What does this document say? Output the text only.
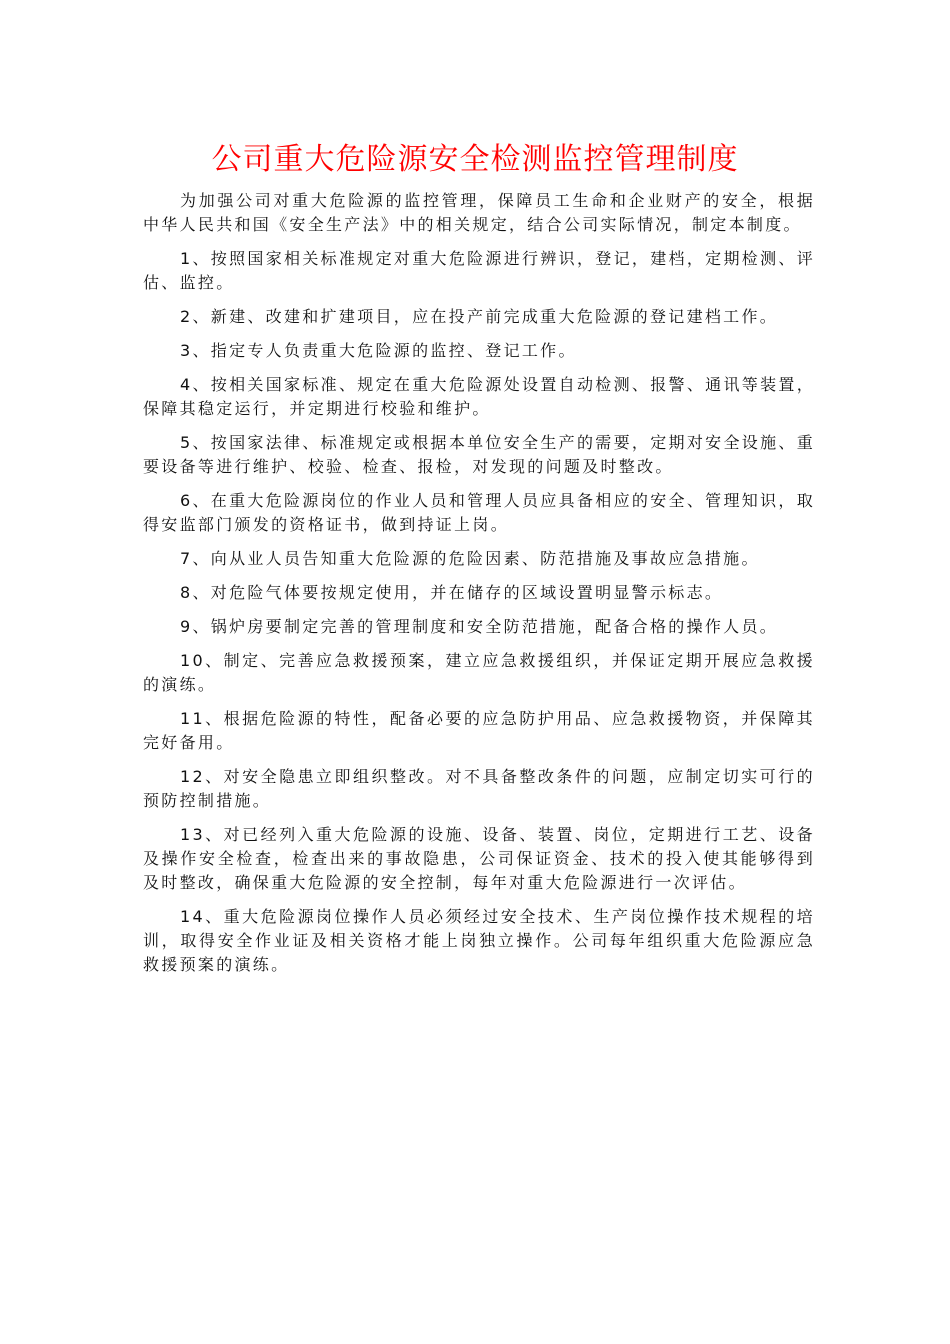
公司重大危险源安全检测监控管理制度

为加强公司对重大危险源的监控管理，保障员工生命和企业财产的安全，根据中华人民共和国《安全生产法》中的相关规定，结合公司实际情况，制定本制度。

1、按照国家相关标准规定对重大危险源进行辨识，登记，建档，定期检测、评估、监控。

2、新建、改建和扩建项目，应在投产前完成重大危险源的登记建档工作。

3、指定专人负责重大危险源的监控、登记工作。

4、按相关国家标准、规定在重大危险源处设置自动检测、报警、通讯等装置，保障其稳定运行，并定期进行校验和维护。

5、按国家法律、标准规定或根据本单位安全生产的需要，定期对安全设施、重要设备等进行维护、校验、检查、报检，对发现的问题及时整改。

6、在重大危险源岗位的作业人员和管理人员应具备相应的安全、管理知识，取得安监部门颁发的资格证书，做到持证上岗。

7、向从业人员告知重大危险源的危险因素、防范措施及事故应急措施。

8、对危险气体要按规定使用，并在储存的区域设置明显警示标志。

9、锅炉房要制定完善的管理制度和安全防范措施，配备合格的操作人员。

10、制定、完善应急救援预案，建立应急救援组织，并保证定期开展应急救援的演练。

11、根据危险源的特性，配备必要的应急防护用品、应急救援物资，并保障其完好备用。

12、对安全隐患立即组织整改。对不具备整改条件的问题，应制定切实可行的预防控制措施。

13、对已经列入重大危险源的设施、设备、装置、岗位，定期进行工艺、设备及操作安全检查，检查出来的事故隐患，公司保证资金、技术的投入使其能够得到及时整改，确保重大危险源的安全控制，每年对重大危险源进行一次评估。

14、重大危险源岗位操作人员必须经过安全技术、生产岗位操作技术规程的培训，取得安全作业证及相关资格才能上岗独立操作。公司每年组织重大危险源应急救援预案的演练。
